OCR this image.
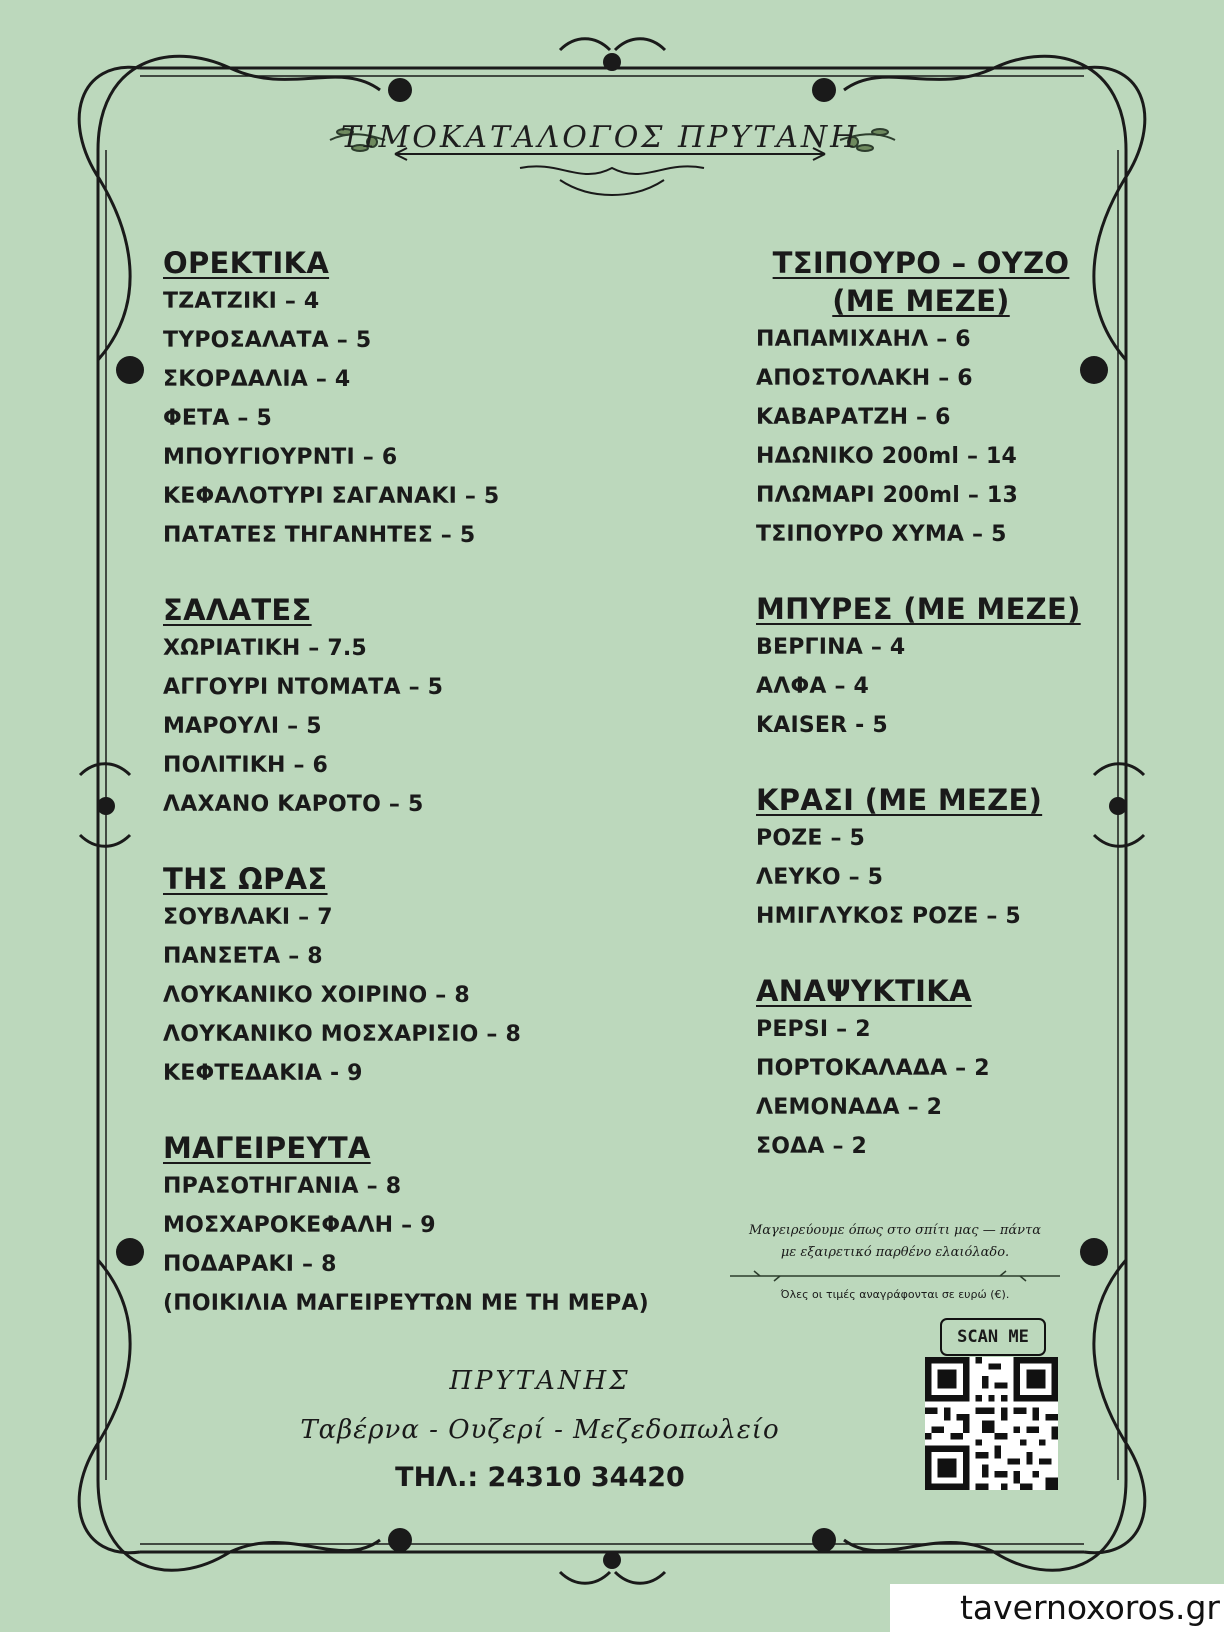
ΤΙΜΟΚΑΤΑΛΟΓΟΣ ΠΡΥΤΑΝΗ
ΟΡΕΚΤΙΚΑ
ΤΖΑΤΖΙΚΙ – 4
ΤΥΡΟΣΑΛΑΤΑ – 5
ΣΚΟΡΔΑΛΙΑ – 4
ΦΕΤΑ – 5
ΜΠΟΥΓΙΟΥΡΝΤΙ – 6
ΚΕΦΑΛΟΤΥΡΙ ΣΑΓΑΝΑΚΙ – 5
ΠΑΤΑΤΕΣ ΤΗΓΑΝΗΤΕΣ – 5
ΣΑΛΑΤΕΣ
ΧΩΡΙΑΤΙΚΗ – 7.5
ΑΓΓΟΥΡΙ ΝΤΟΜΑΤΑ – 5
ΜΑΡΟΥΛΙ – 5
ΠΟΛΙΤΙΚΗ – 6
ΛΑΧΑΝΟ ΚΑΡΟΤΟ – 5
ΤΗΣ ΩΡΑΣ
ΣΟΥΒΛΑΚΙ – 7
ΠΑΝΣΕΤΑ – 8
ΛΟΥΚΑΝΙΚΟ ΧΟΙΡΙΝΟ – 8
ΛΟΥΚΑΝΙΚΟ ΜΟΣΧΑΡΙΣΙΟ – 8
ΚΕΦΤΕΔΑΚΙΑ - 9
ΜΑΓΕΙΡΕΥΤΑ
ΠΡΑΣΟΤΗΓΑΝΙΑ – 8
ΜΟΣΧΑΡΟΚΕΦΑΛΗ – 9
ΠΟΔΑΡΑΚΙ – 8
(ΠΟΙΚΙΛΙΑ ΜΑΓΕΙΡΕΥΤΩΝ ΜΕ ΤΗ ΜΕΡΑ)
ΤΣΙΠΟΥΡΟ – ΟΥΖΟ
(ΜΕ ΜΕΖΕ)
ΠΑΠΑΜΙΧΑΗΛ – 6
ΑΠΟΣΤΟΛΑΚΗ – 6
ΚΑΒΑΡΑΤΖΗ – 6
ΗΔΩΝΙΚΟ 200ml – 14
ΠΛΩΜΑΡΙ 200ml – 13
ΤΣΙΠΟΥΡΟ ΧΥΜΑ – 5
ΜΠΥΡΕΣ (ΜΕ ΜΕΖΕ)
ΒΕΡΓΙΝΑ – 4
ΑΛΦΑ – 4
KAISER - 5
ΚΡΑΣΙ (ΜΕ ΜΕΖΕ)
ΡΟΖΕ – 5
ΛΕΥΚΟ – 5
ΗΜΙΓΛΥΚΟΣ ΡΟΖΕ – 5
ΑΝΑΨΥΚΤΙΚΑ
PEPSI – 2
ΠΟΡΤΟΚΑΛΑΔΑ – 2
ΛΕΜΟΝΑΔΑ – 2
ΣΟΔΑ – 2
Μαγειρεύουμε όπως στο σπίτι μας — πάντα
με εξαιρετικό παρθένο ελαιόλαδο.
Όλες οι τιμές αναγράφονται σε ευρώ (€).
ΠΡΥΤΑΝΗΣ
Ταβέρνα - Ουζερί - Μεζεδοπωλείο
ΤΗΛ.: 24310 34420
SCAN ME
tavernoxoros.gr
